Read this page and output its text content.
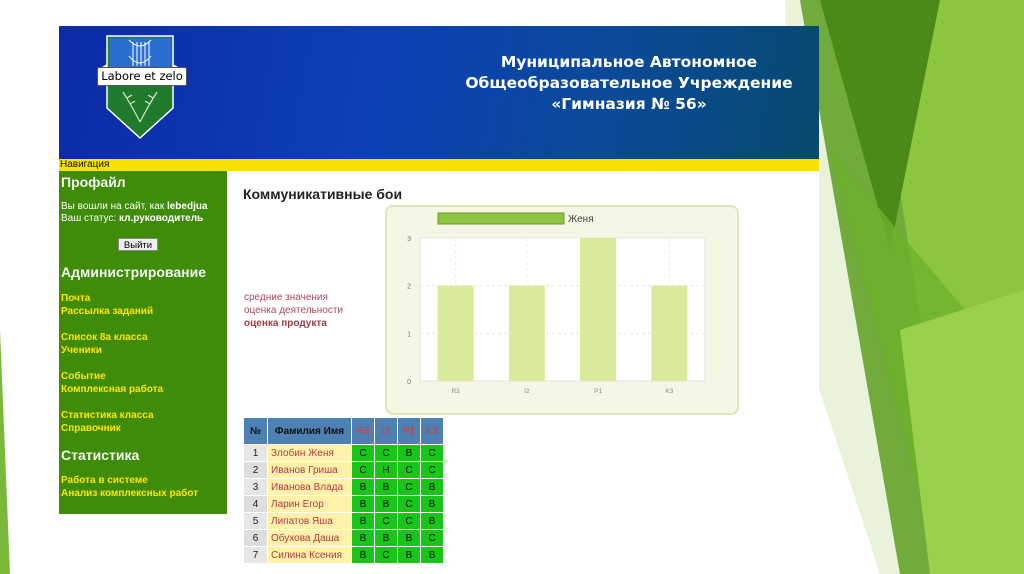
Labore et zelo
Муниципальное Автономное
Общеобразовательное Учреждение
«Гимназия № 56»
Навигация
Профайл
Вы вошли на сайт, как lebedjua
Ваш статус: кл.руководитель
Выйти
Администрирование
Почта
Рассылка заданий
Список 8а класса
Ученики
Событие
Комплексная работа
Статистика класса
Справочник
Статистика
Работа в системе
Анализ комплексных работ
Коммуникативные бои
средние значения
оценка деятельности
оценка продукта
0
1
2
3
R3	I2	P1	K3
Женя
№	Фамилия Имя	R3	I2	P1	K3
1	Злобин Женя	С	С	В	С
2	Иванов Гриша	С	Н	С	С
3	Иванова Влада	В	В	С	В
4	Ларин Егор	В	В	С	В
5	Липатов Яша	В	С	С	В
6	Обухова Даша	В	В	В	С
7	Силина Ксения	В	С	В	В
